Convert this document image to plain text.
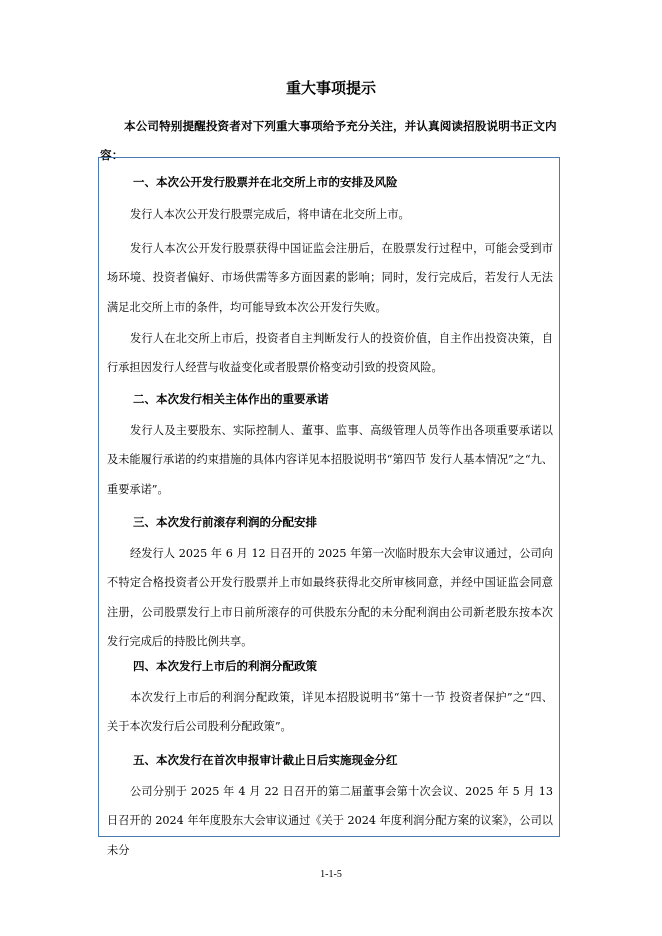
重大事项提示
本公司特别提醒投资者对下列重大事项给予充分关注，并认真阅读招股说明书正文内容：
一、本次公开发行股票并在北交所上市的安排及风险
发行人本次公开发行股票完成后，将申请在北交所上市。
发行人本次公开发行股票获得中国证监会注册后，在股票发行过程中，可能会受到市场环境、投资者偏好、市场供需等多方面因素的影响；同时，发行完成后，若发行人无法满足北交所上市的条件，均可能导致本次公开发行失败。
发行人在北交所上市后，投资者自主判断发行人的投资价值，自主作出投资决策，自行承担因发行人经营与收益变化或者股票价格变动引致的投资风险。
二、本次发行相关主体作出的重要承诺
发行人及主要股东、实际控制人、董事、监事、高级管理人员等作出各项重要承诺以及未能履行承诺的约束措施的具体内容详见本招股说明书“第四节 发行人基本情况”之“九、重要承诺”。
三、本次发行前滚存利润的分配安排
经发行人 2025 年 6 月 12 日召开的 2025 年第一次临时股东大会审议通过，公司向不特定合格投资者公开发行股票并上市如最终获得北交所审核同意，并经中国证监会同意注册，公司股票发行上市日前所滚存的可供股东分配的未分配利润由公司新老股东按本次发行完成后的持股比例共享。
四、本次发行上市后的利润分配政策
本次发行上市后的利润分配政策，详见本招股说明书“第十一节 投资者保护”之“四、关于本次发行后公司股利分配政策”。
五、本次发行在首次申报审计截止日后实施现金分红
公司分别于 2025 年 4 月 22 日召开的第二届董事会第十次会议、2025 年 5 月 13 日召开的 2024 年年度股东大会审议通过《关于 2024 年度利润分配方案的议案》，公司以未分
1-1-5
